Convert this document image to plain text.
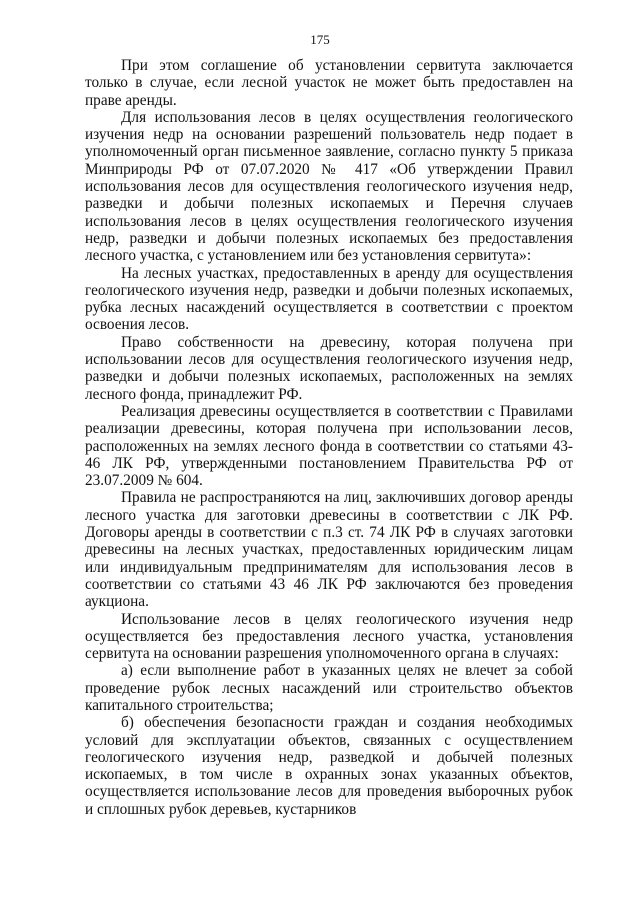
175

При этом соглашение об установлении сервитута заключается только в случае, если лесной участок не может быть предоставлен на праве аренды.

Для использования лесов в целях осуществления геологического изучения недр на основании разрешений пользователь недр подает в уполномоченный орган письменное заявление, согласно пункту 5 приказа Минприроды РФ от 07.07.2020 № 417 «Об утверждении Правил использования лесов для осуществления геологического изучения недр, разведки и добычи полезных ископаемых и Перечня случаев использования лесов в целях осуществления геологического изучения недр, разведки и добычи полезных ископаемых без предоставления лесного участка, с установлением или без установления сервитута»:

На лесных участках, предоставленных в аренду для осуществления геологического изучения недр, разведки и добычи полезных ископаемых, рубка лесных насаждений осуществляется в соответствии с проектом освоения лесов.

Право собственности на древесину, которая получена при использовании лесов для осуществления геологического изучения недр, разведки и добычи полезных ископаемых, расположенных на землях лесного фонда, принадлежит РФ.

Реализация древесины осуществляется в соответствии с Правилами реализации древесины, которая получена при использовании лесов, расположенных на землях лесного фонда в соответствии со статьями 43-46 ЛК РФ, утвержденными постановлением Правительства РФ от 23.07.2009 № 604.

Правила не распространяются на лиц, заключивших договор аренды лесного участка для заготовки древесины в соответствии с ЛК РФ. Договоры аренды в соответствии с п.3 ст. 74 ЛК РФ в случаях заготовки древесины на лесных участках, предоставленных юридическим лицам или индивидуальным предпринимателям для использования лесов в соответствии со статьями 43 46 ЛК РФ заключаются без проведения аукциона.

Использование лесов в целях геологического изучения недр осуществляется без предоставления лесного участка, установления сервитута на основании разрешения уполномоченного органа в случаях:

а) если выполнение работ в указанных целях не влечет за собой проведение рубок лесных насаждений или строительство объектов капитального строительства;

б) обеспечения безопасности граждан и создания необходимых условий для эксплуатации объектов, связанных с осуществлением геологического изучения недр, разведкой и добычей полезных ископаемых, в том числе в охранных зонах указанных объектов, осуществляется использование лесов для проведения выборочных рубок и сплошных рубок деревьев, кустарников
